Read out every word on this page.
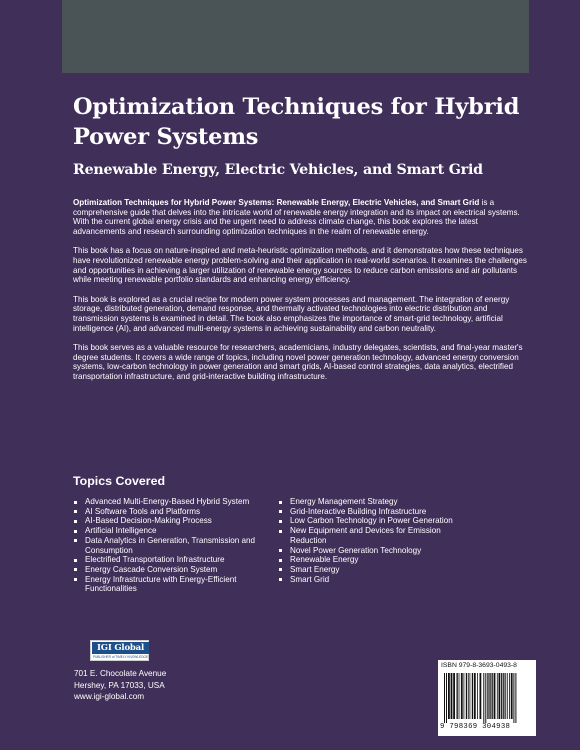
Optimization Techniques for Hybrid Power Systems
Renewable Energy, Electric Vehicles, and Smart Grid

Optimization Techniques for Hybrid Power Systems: Renewable Energy, Electric Vehicles, and Smart Grid is a comprehensive guide that delves into the intricate world of renewable energy integration and its impact on electrical systems. With the current global energy crisis and the urgent need to address climate change, this book explores the latest advancements and research surrounding optimization techniques in the realm of renewable energy.

This book has a focus on nature-inspired and meta-heuristic optimization methods, and it demonstrates how these techniques have revolutionized renewable energy problem-solving and their application in real-world scenarios. It examines the challenges and opportunities in achieving a larger utilization of renewable energy sources to reduce carbon emissions and air pollutants while meeting renewable portfolio standards and enhancing energy efficiency.

This book is explored as a crucial recipe for modern power system processes and management. The integration of energy storage, distributed generation, demand response, and thermally activated technologies into electric distribution and transmission systems is examined in detail. The book also emphasizes the importance of smart-grid technology, artificial intelligence (AI), and advanced multi-energy systems in achieving sustainability and carbon neutrality.

This book serves as a valuable resource for researchers, academicians, industry delegates, scientists, and final-year master's degree students. It covers a wide range of topics, including novel power generation technology, advanced energy conversion systems, low-carbon technology in power generation and smart grids, AI-based control strategies, data analytics, electrified transportation infrastructure, and grid-interactive building infrastructure.

Topics Covered
Advanced Multi-Energy-Based Hybrid System
AI Software Tools and Platforms
AI-Based Decision-Making Process
Artificial Intelligence
Data Analytics in Generation, Transmission and Consumption
Electrified Transportation Infrastructure
Energy Cascade Conversion System
Energy Infrastructure with Energy-Efficient Functionalities
Energy Management Strategy
Grid-Interactive Building Infrastructure
Low Carbon Technology in Power Generation
New Equipment and Devices for Emission Reduction
Novel Power Generation Technology
Renewable Energy
Smart Energy
Smart Grid
IGI Global
PUBLISHER of TIMELY KNOWLEDGE
701 E. Chocolate Avenue
Hershey, PA 17033, USA
www.igi-global.com
ISBN 979-8-3693-0493-8
9 798369 304938
